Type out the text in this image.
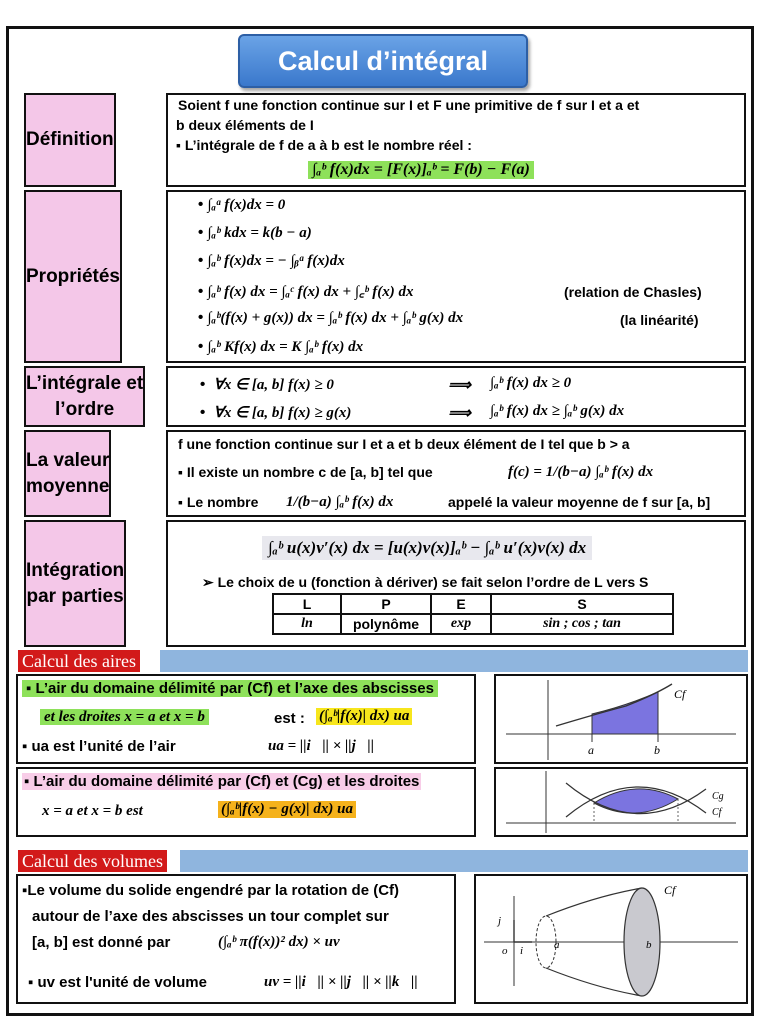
Calcul d’intégral
Définition
Soient f une fonction continue sur I et F une primitive de f sur I et a et
b deux éléments de I
▪ L’intégrale de f de a à b est le nombre réel :
∫ₐᵇ f(x)dx = [F(x)]ₐᵇ = F(b) − F(a)
Propriétés
• ∫ₐᵃ f(x)dx = 0
• ∫ₐᵇ kdx = k(b − a)
• ∫ₐᵇ f(x)dx = − ∫ᵦᵃ f(x)dx
• ∫ₐᵇ f(x) dx = ∫ₐᶜ f(x) dx + ∫꜀ᵇ f(x) dx	(relation de Chasles)
• ∫ₐᵇ(f(x) + g(x)) dx = ∫ₐᵇ f(x) dx + ∫ₐᵇ g(x) dx	(la linéarité)
• ∫ₐᵇ Kf(x) dx = K ∫ₐᵇ f(x) dx
L’intégrale et
l’ordre
•  ∀x ∈ [a, b] f(x) ≥ 0	⟹ ∫ₐᵇ f(x) dx ≥ 0
•  ∀x ∈ [a, b] f(x) ≥ g(x)	⟹ ∫ₐᵇ f(x) dx ≥ ∫ₐᵇ g(x) dx
La valeur
moyenne
f une fonction continue sur I et a et b deux élément de I tel que b > a
▪ Il existe un nombre c de [a, b] tel que	f(c) = 1/(b−a) ∫ₐᵇ f(x) dx
▪ Le nombre 1/(b−a) ∫ₐᵇ f(x) dx	appelé la valeur moyenne de f sur [a, b]
Intégration
par parties
∫ₐᵇ u(x)v′(x) dx = [u(x)v(x)]ₐᵇ − ∫ₐᵇ u′(x)v(x) dx
➢ Le choix de u (fonction à dériver) se fait selon l’ordre de L vers S
L	P	E	S
ln	polynôme	exp	sin ; cos ; tan
Calcul des aires
▪ L’air du domaine délimité par (Cf) et l’axe des abscisses
et les droites x = a et x = b	est : (∫ₐᵇ|f(x)| dx) ua
▪ ua est l’unité de l’air	ua = ||i⃗|| × ||j⃗||
Cf
a	b
▪ L’air du domaine délimité par (Cf) et (Cg) et les droites
x = a et x = b est	(∫ₐᵇ|f(x) − g(x)| dx) ua
Cg
Cf
Calcul des volumes
▪Le volume du solide engendré par la rotation de (Cf)
autour de l’axe des abscisses un tour complet sur
[a, b] est donné par	(∫ₐᵇ π(f(x))² dx) × uv
▪ uv est l'unité de volume	uv = ||i⃗|| × ||j⃗|| × ||k⃗||
Cf
j⃗
i⃗
o	a	b
